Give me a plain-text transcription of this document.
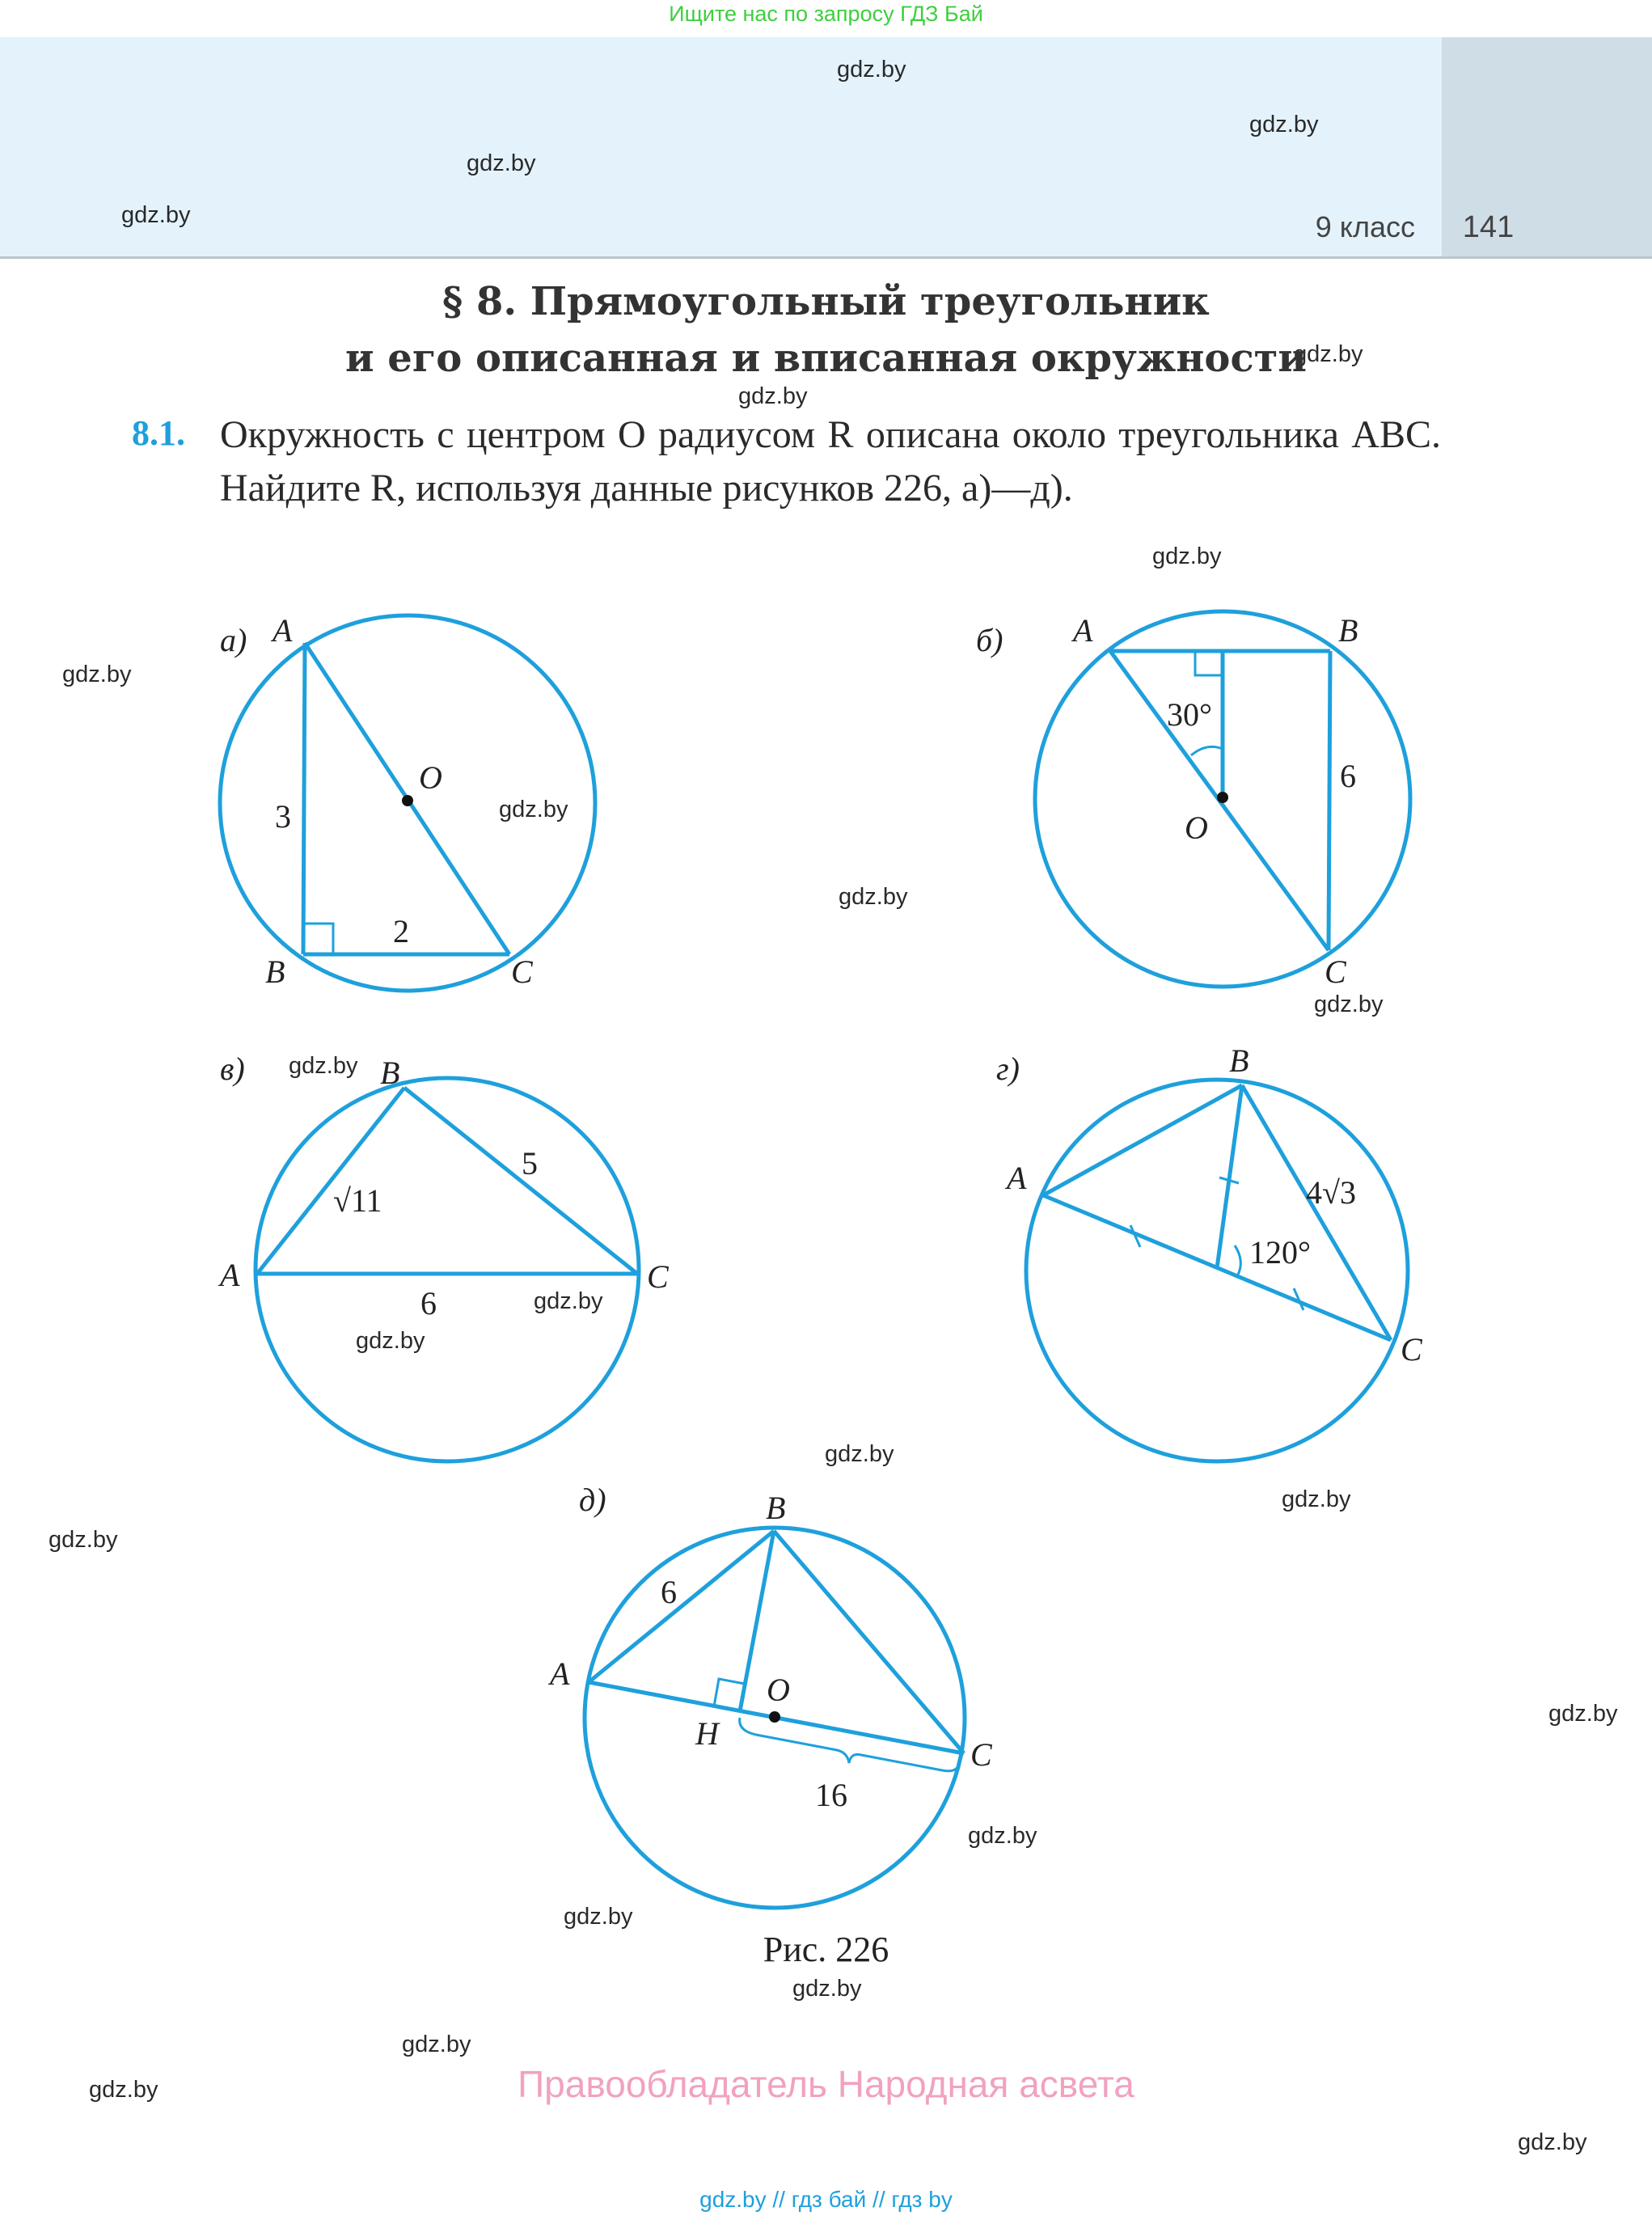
Ищите нас по запросу ГДЗ Бай
9 класс	141
gdz.by
gdz.by
gdz.by
gdz.by
gdz.by
gdz.by
gdz.by
gdz.by
gdz.by
gdz.by
gdz.by
gdz.by
gdz.by
gdz.by
gdz.by
gdz.by
gdz.by
gdz.by
gdz.by
gdz.by
gdz.by
gdz.by
gdz.by
gdz.by
§ 8. Прямоугольный треугольник
и его описанная и вписанная окружности
8.1. Окружность с центром O радиусом R описана около треугольника ABC. Найдите R, используя данные рисунков 226, а)—д).
а) A
B	C
O
3
2
б) A	B
C
O
30°
6
в)	B
A	C
√11
5
6
г)	B
A
C
120°
4√3
д)	B
A
C
O
H
6
16
Рис. 226
Правообладатель Народная асвета
gdz.by // гдз бай // гдз by
